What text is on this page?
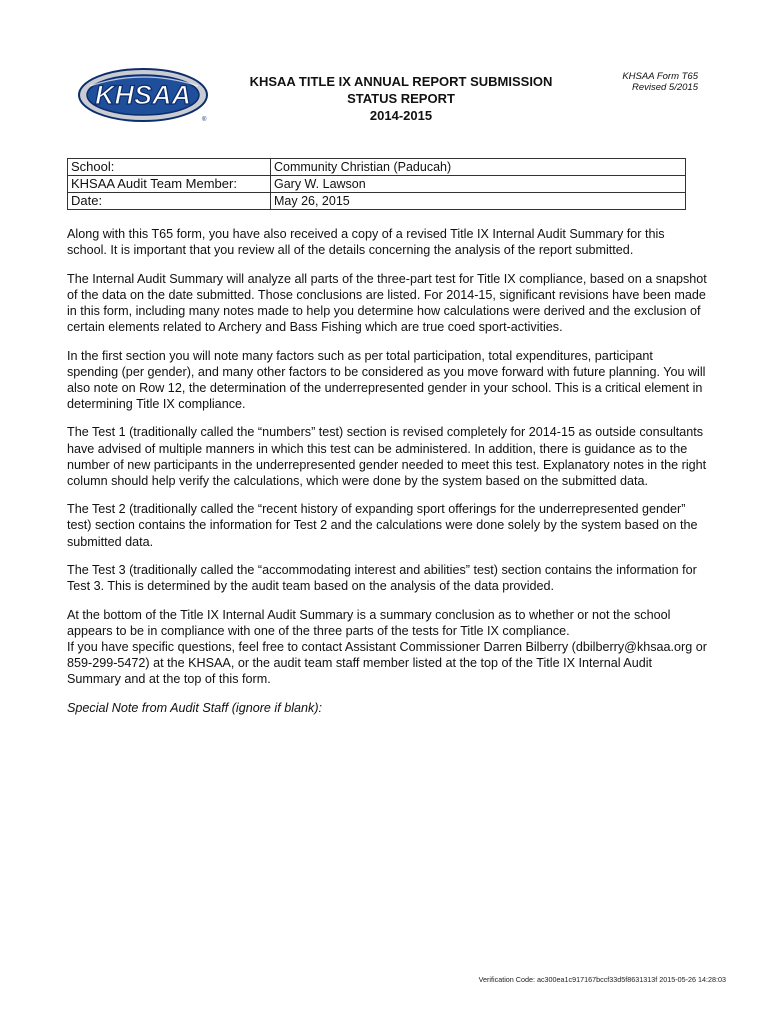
KHSAA
®
KHSAA TITLE IX ANNUAL REPORT SUBMISSION
STATUS REPORT
2014-2015
KHSAA Form T65
Revised 5/2015
School:	Community Christian (Paducah)
KHSAA Audit Team Member:	Gary W. Lawson
Date:	May 26, 2015

Along with this T65 form, you have also received a copy of a revised Title IX Internal Audit Summary for this school. It is important that you review all of the details concerning the analysis of the report submitted.

The Internal Audit Summary will analyze all parts of the three-part test for Title IX compliance, based on a snapshot of the data on the date submitted. Those conclusions are listed. For 2014-15, significant revisions have been made in this form, including many notes made to help you determine how calculations were derived and the exclusion of certain elements related to Archery and Bass Fishing which are true coed sport-activities.

In the first section you will note many factors such as per total participation, total expenditures, participant spending (per gender), and many other factors to be considered as you move forward with future planning. You will also note on Row 12, the determination of the underrepresented gender in your school. This is a critical element in determining Title IX compliance.

The Test 1 (traditionally called the “numbers” test) section is revised completely for 2014-15 as outside consultants have advised of multiple manners in which this test can be administered. In addition, there is guidance as to the number of new participants in the underrepresented gender needed to meet this test. Explanatory notes in the right column should help verify the calculations, which were done by the system based on the submitted data.

The Test 2 (traditionally called the “recent history of expanding sport offerings for the underrepresented gender” test) section contains the information for Test 2 and the calculations were done solely by the system based on the submitted data.

The Test 3 (traditionally called the “accommodating interest and abilities” test) section contains the information for Test 3. This is determined by the audit team based on the analysis of the data provided.

At the bottom of the Title IX Internal Audit Summary is a summary conclusion as to whether or not the school appears to be in compliance with one of the three parts of the tests for Title IX compliance.

If you have specific questions, feel free to contact Assistant Commissioner Darren Bilberry (dbilberry@khsaa.org or 859-299-5472) at the KHSAA, or the audit team staff member listed at the top of the Title IX Internal Audit Summary and at the top of this form.

Special Note from Audit Staff (ignore if blank):

Verification Code: ac300ea1c917167bccf33d5f8631313f 2015-05-26 14:28:03
